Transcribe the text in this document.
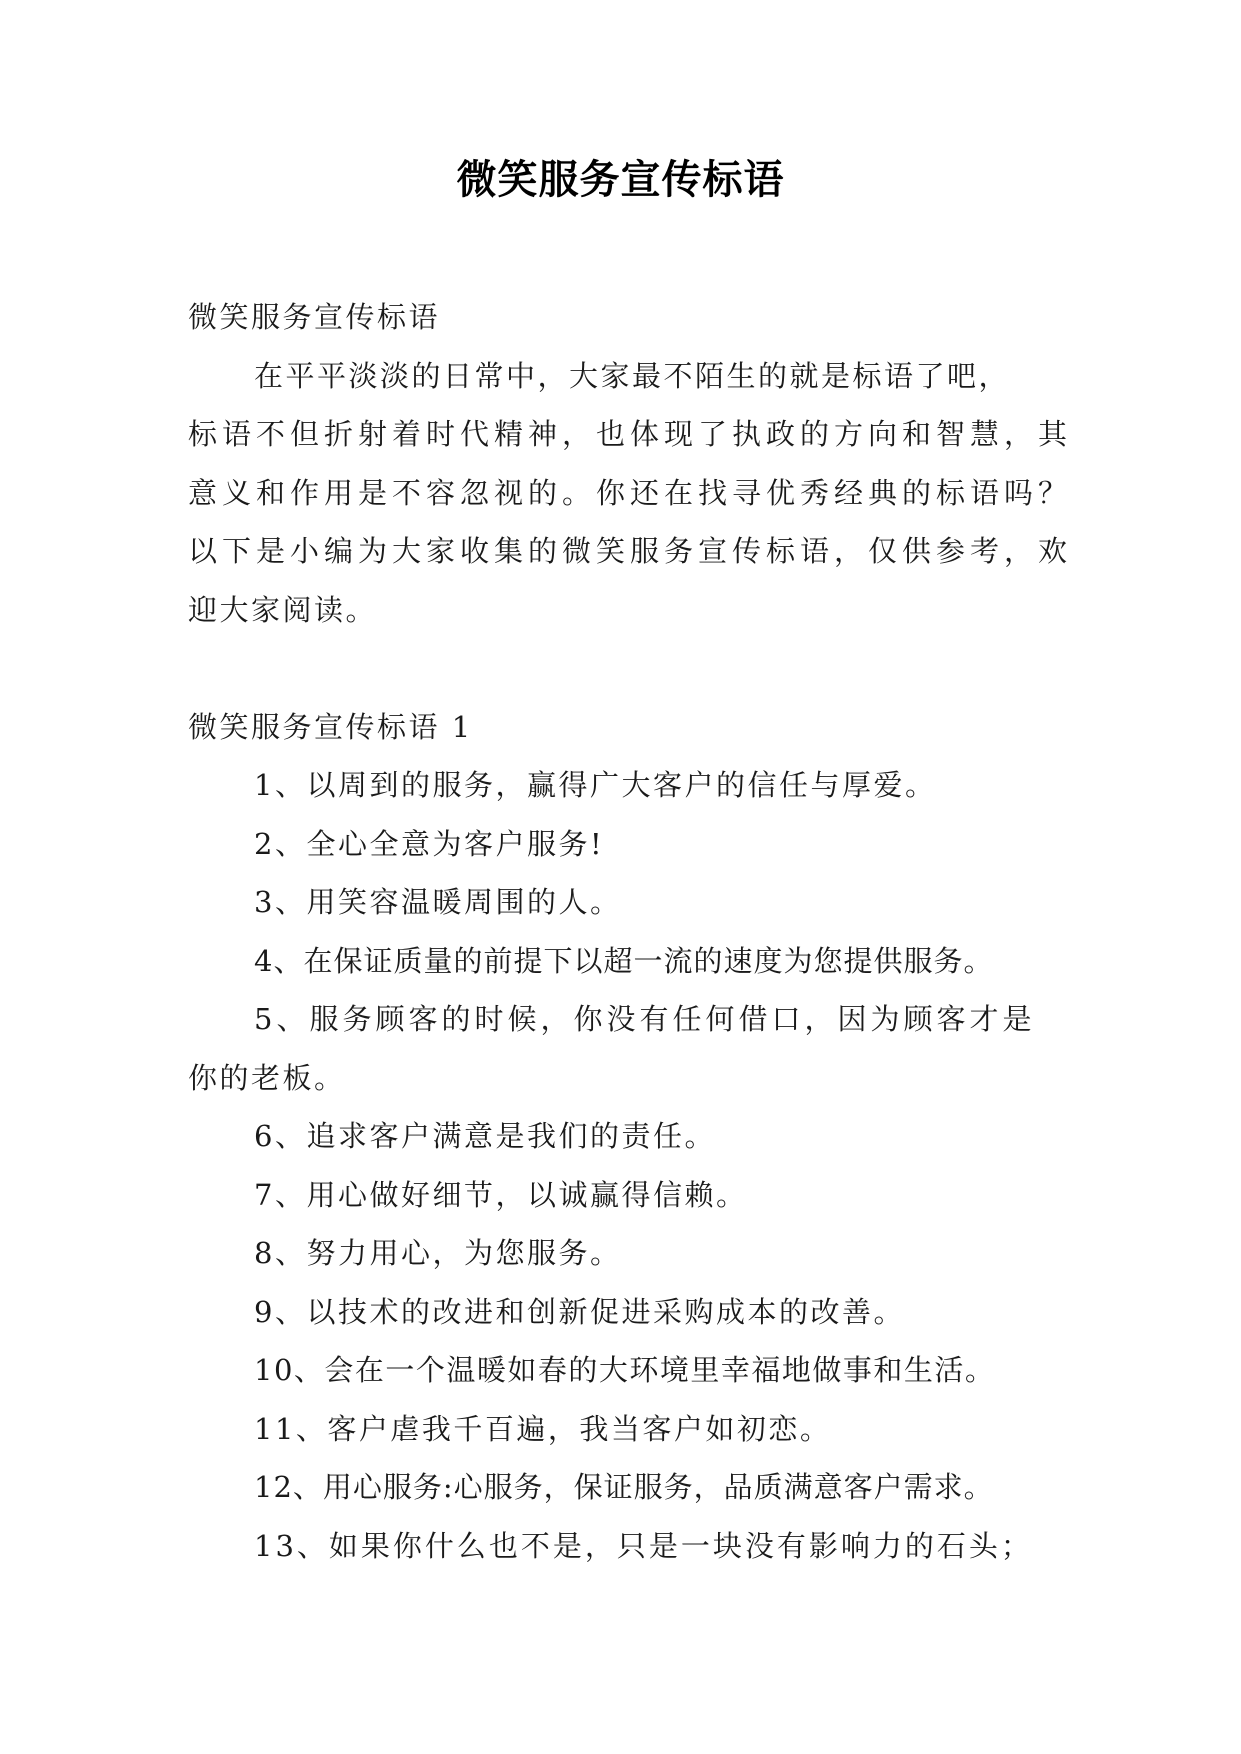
微笑服务宣传标语
微笑服务宣传标语
在平平淡淡的日常中，大家最不陌生的就是标语了吧，
标语不但折射着时代精神，也体现了执政的方向和智慧，其
意义和作用是不容忽视的。你还在找寻优秀经典的标语吗？
以下是小编为大家收集的微笑服务宣传标语，仅供参考，欢
迎大家阅读。
微笑服务宣传标语 1
1、以周到的服务，赢得广大客户的信任与厚爱。
2、全心全意为客户服务!
3、用笑容温暖周围的人。
4、在保证质量的前提下以超一流的速度为您提供服务。
5、服务顾客的时候，你没有任何借口，因为顾客才是
你的老板。
6、追求客户满意是我们的责任。
7、用心做好细节，以诚赢得信赖。
8、努力用心，为您服务。
9、以技术的改进和创新促进采购成本的改善。
10、会在一个温暖如春的大环境里幸福地做事和生活。
11、客户虐我千百遍，我当客户如初恋。
12、用心服务:心服务，保证服务，品质满意客户需求。
13、如果你什么也不是，只是一块没有影响力的石头；
